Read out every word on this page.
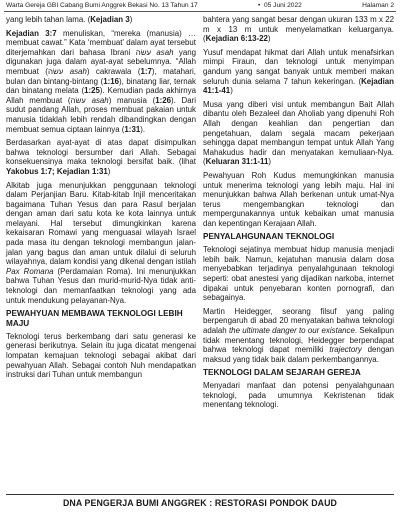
Warta Gereja GBI Cabang Bumi Anggrek Bekasi No. 13 Tahun 17	•  05 Juni 2022	Halaman 2

yang lebih tahan lama. (Kejadian 3)

Kejadian 3:7 menuliskan, “mereka (manusia) … membuat cawat.” Kata ‘membuat’ dalam ayat tersebut diterjemahkan dari bahasa Ibrani עשׂה asah yang digunakan juga dalam ayat-ayat sebelumnya. “Allah membuat (עשׂה asah) cakrawala (1:7), matahari, bulan dan bintang-bintang (1:16), binatang liar, ternak dan binatang melata (1:25). Kemudian pada akhirnya Allah membuat (עשׂה asah) manusia (1:26). Dari sudut pandang Allah, proses membuat pakaian untuk manusia tidaklah lebih rendah dibandingkan dengan membuat semua ciptaan lainnya (1:31).

Berdasarkan ayat-ayat di atas dapat disimpulkan bahwa teknologi bersumber dari Allah. Sebagai konsekuensinya maka teknologi bersifat baik. (lihat Yakobus 1:7; Kejadian 1:31)

Alkitab juga menunjukkan penggunaan teknologi dalam Perjanjian Baru. Kitab-kitab Injil menceritakan bagaimana Tuhan Yesus dan para Rasul berjalan dengan aman dari satu kota ke kota lainnya untuk melayani. Hal tersebut dimungkinkan karena kekaisaran Romawi yang menguasai wilayah Israel pada masa itu dengan teknologi membangun jalan-jalan yang bagus dan aman untuk dilalui di seluruh wilayahnya, dalam kondisi yang dikenal dengan istilah Pax Romana (Perdamaian Roma). Ini menunjukkan bahwa Tuhan Yesus dan murid-murid-Nya tidak anti-teknologi dan memanfaatkan teknologi yang ada untuk mendukung pelayanan-Nya.

PEWAHYUAN MEMBAWA TEKNOLOGI LEBIH MAJU

Teknologi terus berkembang dari satu generasi ke generasi berikutnya. Selain itu juga dicatat mengenai lompatan kemajuan teknologi sebagai akibat dari pewahyuan Allah. Sebagai contoh Nuh mendapatkan instruksi dari Tuhan untuk membangun

bahtera yang sangat besar dengan ukuran 133 m x 22 m x 13 m untuk menyelamatkan keluarganya. (Kejadian 6:13-22)

Yusuf mendapat hikmat dari Allah untuk menafsirkan mimpi Firaun, dan teknologi untuk menyimpan gandum yang sangat banyak untuk memberi makan seluruh dunia selama 7 tahun kekeringan. (Kejadian 41:1-41)

Musa yang diberi visi untuk membangun Bait Allah dibantu oleh Bezaleel dan Aholiab yang dipenuhi Roh Allah dengan keahlian dan pengertian dan pengetahuan, dalam segala macam pekerjaan sehingga dapat membangun tempat untuk Allah Yang Mahakudus hadir dan menyatakan kemuliaan-Nya. (Keluaran 31:1-11)

Pewahyuan Roh Kudus memungkinkan manusia untuk menerima teknologi yang lebih maju. Hal ini menunjukkan bahwa Allah berkenan untuk umat-Nya terus mengembangkan teknologi dan mempergunakannya untuk kebaikan umat manusia dan kepentingan Kerajaan Allah.

PENYALAHGUNAAN TEKNOLOGI

Teknologi sejatinya membuat hidup manusia menjadi lebih baik. Namun, kejatuhan manusia dalam dosa menyebabkan terjadinya penyalahgunaan teknologi seperti: obat anestesi yang dijadikan narkoba, internet dipakai untuk penyebaran konten pornografi, dan sebagainya.

Martin Heidegger, seorang filsuf yang paling berpengaruh di abad 20 menyatakan bahwa teknologi adalah the ultimate danger to our existance. Sekalipun tidak menentang teknologi, Heidegger berpendapat bahwa teknologi dapat memiliki trajectory dengan maksud yang tidak baik dalam perkembangannya.

TEKNOLOGI DALAM SEJARAH GEREJA

Menyadari manfaat dan potensi penyalahgunaan teknologi, pada umumnya Kekristenan tidak menentang teknologi.

DNA PENGERJA BUMI ANGGREK : RESTORASI PONDOK DAUD
